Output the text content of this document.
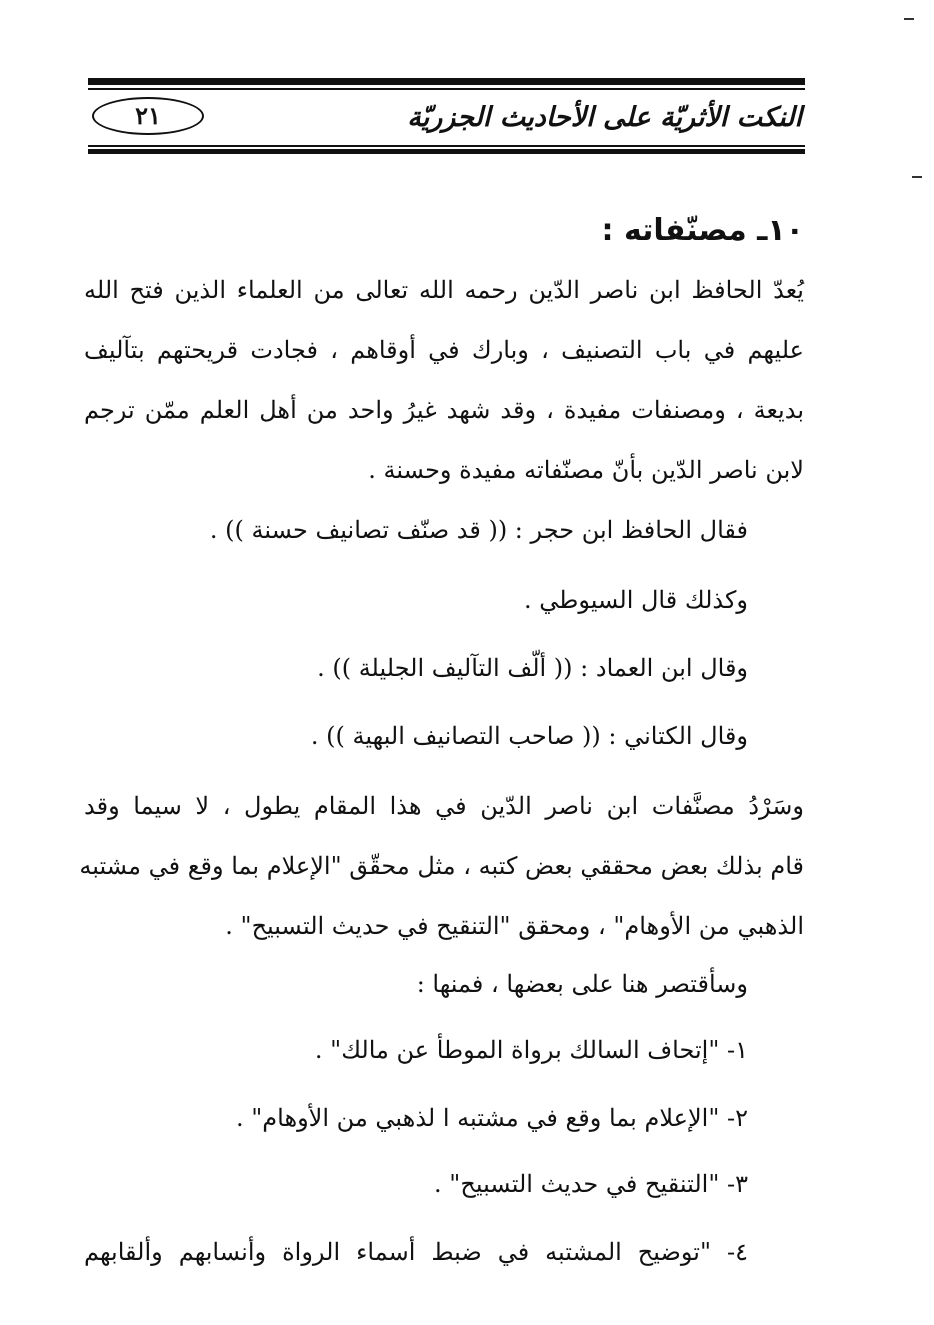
النكت الأثريّة على الأحاديث الجزريّة
٢١
١٠ـ مصنّفاته :
يُعدّ الحافظ ابن ناصر الدّين رحمه الله تعالى من العلماء الذين فتح الله
عليهم في باب التصنيف ، وبارك في أوقاهم ، فجادت قريحتهم بتآليف
بديعة ، ومصنفات مفيدة ، وقد شهد غيرُ واحد من أهل العلم ممّن ترجم
لابن ناصر الدّين بأنّ مصنّفاته مفيدة وحسنة .
فقال الحافظ ابن حجر : (( قد صنّف تصانيف حسنة )) .
وكذلك قال السيوطي .
وقال ابن العماد : (( ألّف التآليف الجليلة )) .
وقال الكتاني : (( صاحب التصانيف البهية )) .
وسَرْدُ مصنَّفات ابن ناصر الدّين في هذا المقام يطول ، لا سيما وقد
قام بذلك بعض محققي بعض كتبه ، مثل محقّق "الإعلام بما وقع في مشتبه
الذهبي من الأوهام" ، ومحقق "التنقيح في حديث التسبيح" .
وسأقتصر هنا على بعضها ، فمنها :
١- "إتحاف السالك برواة الموطأ عن مالك" .
٢- "الإعلام بما وقع في مشتبه ا لذهبي من الأوهام" .
٣- "التنقيح في حديث التسبيح" .
٤- "توضيح المشتبه في ضبط أسماء الرواة وأنسابهم وألقابهم
